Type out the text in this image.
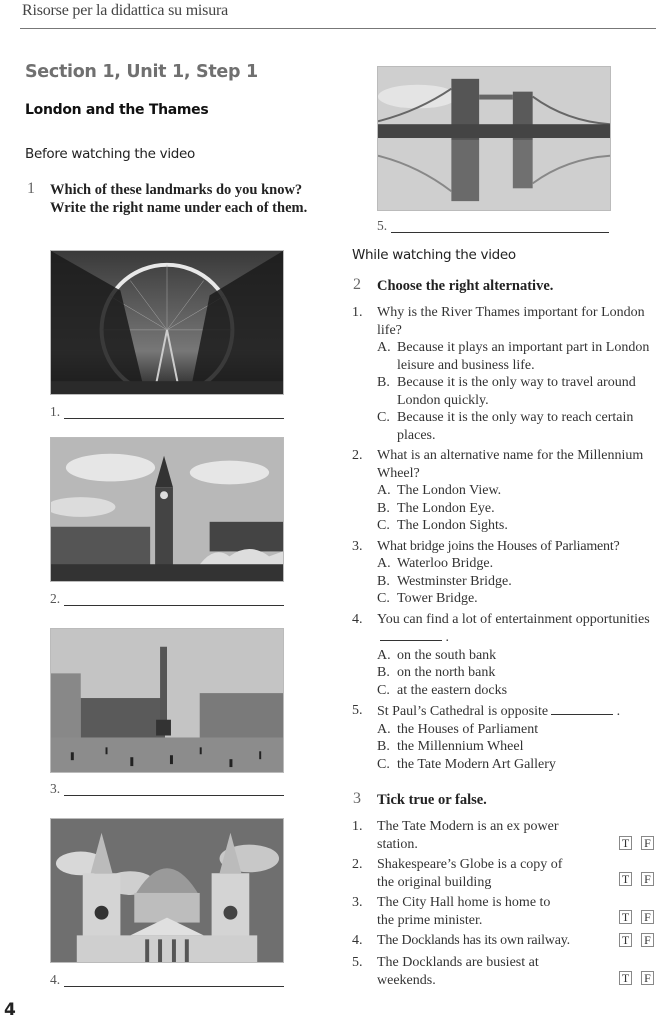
Risorse per la didattica su misura
Section 1, Unit 1, Step 1
London and the Thames
Before watching the video
1 Which of these landmarks do you know? Write the right name under each of them.
1.
2.
3.
4.
5.
While watching the video
2 Choose the right alternative.
1. Why is the River Thames important for London life?
A. Because it plays an important part in London leisure and business life.
B. Because it is the only way to travel around London quickly.
C. Because it is the only way to reach certain places.
2. What is an alternative name for the Millennium Wheel?
A. The London View.
B. The London Eye.
C. The London Sights.
3. What bridge joins the Houses of Parliament?
A. Waterloo Bridge.
B. Westminster Bridge.
C. Tower Bridge.
4. You can find a lot of entertainment opportunities .
A. on the south bank
B. on the north bank
C. at the eastern docks
5. St Paul’s Cathedral is opposite	.
A. the Houses of Parliament
B. the Millennium Wheel
C. the Tate Modern Art Gallery
3 Tick true or false.
1. The Tate Modern is an ex power station.	T F
2. Shakespeare’s Globe is a copy of the original building	T F
3. The City Hall home is home to the prime minister.	T F
4. The Docklands has its own railway.	T F
5. The Docklands are busiest at weekends.	T F
4
